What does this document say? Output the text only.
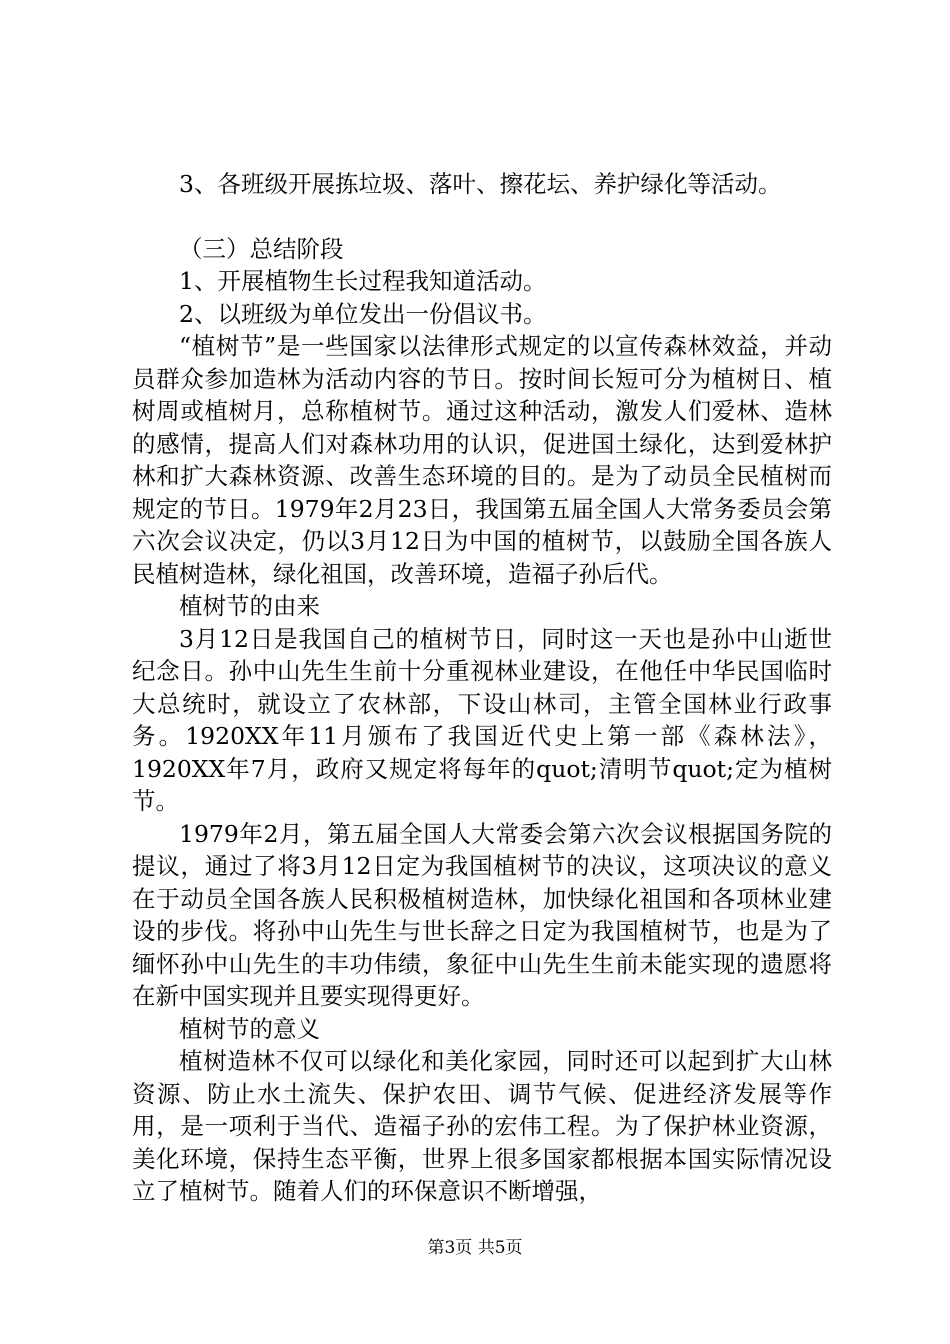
3、各班级开展拣垃圾、落叶、擦花坛、养护绿化等活动。

（三）总结阶段

1、开展植物生长过程我知道活动。

2、以班级为单位发出一份倡议书。

“植树节”是一些国家以法律形式规定的以宣传森林效益，并动员群众参加造林为活动内容的节日。按时间长短可分为植树日、植树周或植树月，总称植树节。通过这种活动，激发人们爱林、造林的感情，提高人们对森林功用的认识，促进国土绿化，达到爱林护林和扩大森林资源、改善生态环境的目的。是为了动员全民植树而规定的节日。1979年2月23日，我国第五届全国人大常务委员会第六次会议决定，仍以3月12日为中国的植树节，以鼓励全国各族人民植树造林，绿化祖国，改善环境，造福子孙后代。

植树节的由来

3月12日是我国自己的植树节日，同时这一天也是孙中山逝世纪念日。孙中山先生生前十分重视林业建设，在他任中华民国临时大总统时，就设立了农林部，下设山林司，主管全国林业行政事务。1920XX年11月颁布了我国近代史上第一部《森林法》，1920XX年7月，政府又规定将每年的quot;清明节quot;定为植树节。

1979年2月，第五届全国人大常委会第六次会议根据国务院的提议，通过了将3月12日定为我国植树节的决议，这项决议的意义在于动员全国各族人民积极植树造林，加快绿化祖国和各项林业建设的步伐。将孙中山先生与世长辞之日定为我国植树节，也是为了缅怀孙中山先生的丰功伟绩，象征中山先生生前未能实现的遗愿将在新中国实现并且要实现得更好。

植树节的意义

植树造林不仅可以绿化和美化家园，同时还可以起到扩大山林资源、防止水土流失、保护农田、调节气候、促进经济发展等作用，是一项利于当代、造福子孙的宏伟工程。为了保护林业资源，美化环境，保持生态平衡，世界上很多国家都根据本国实际情况设立了植树节。随着人们的环保意识不断增强，

第3页 共5页
